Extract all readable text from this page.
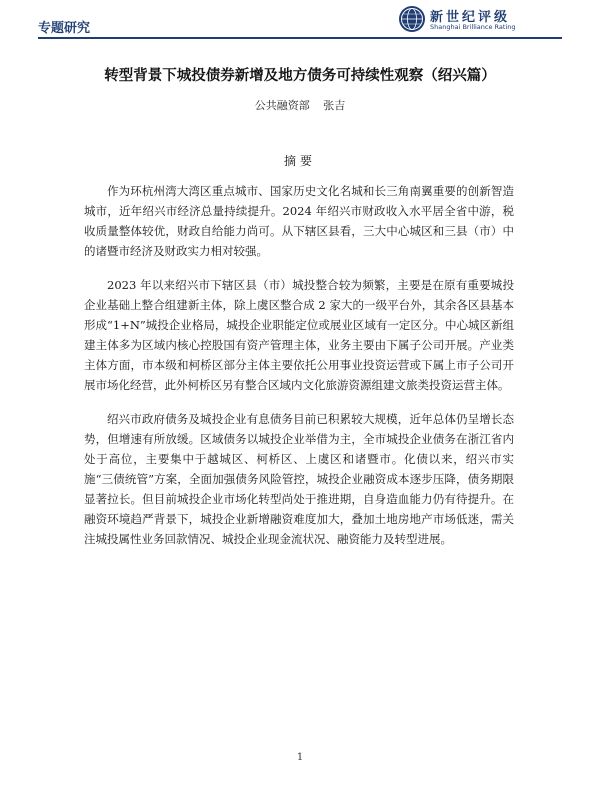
专题研究
新世纪评级
Shanghai Brilliance Rating
转型背景下城投债券新增及地方债务可持续性观察（绍兴篇）
公共融资部 张吉
摘要

作为环杭州湾大湾区重点城市、国家历史文化名城和长三角南翼重要的创新智造城市，近年绍兴市经济总量持续提升。2024 年绍兴市财政收入水平居全省中游，税收质量整体较优，财政自给能力尚可。从下辖区县看，三大中心城区和三县（市）中的诸暨市经济及财政实力相对较强。

2023 年以来绍兴市下辖区县（市）城投整合较为频繁，主要是在原有重要城投企业基础上整合组建新主体，除上虞区整合成 2 家大的一级平台外，其余各区县基本形成“1+N”城投企业格局，城投企业职能定位或展业区域有一定区分。中心城区新组建主体多为区域内核心控股国有资产管理主体，业务主要由下属子公司开展。产业类主体方面，市本级和柯桥区部分主体主要依托公用事业投资运营或下属上市子公司开展市场化经营，此外柯桥区另有整合区域内文化旅游资源组建文旅类投资运营主体。

绍兴市政府债务及城投企业有息债务目前已积累较大规模，近年总体仍呈增长态势，但增速有所放缓。区域债务以城投企业举借为主，全市城投企业债务在浙江省内处于高位，主要集中于越城区、柯桥区、上虞区和诸暨市。化债以来，绍兴市实施“三债统管”方案，全面加强债务风险管控，城投企业融资成本逐步压降，债务期限显著拉长。但目前城投企业市场化转型尚处于推进期，自身造血能力仍有待提升。在融资环境趋严背景下，城投企业新增融资难度加大，叠加土地房地产市场低迷，需关注城投属性业务回款情况、城投企业现金流状况、融资能力及转型进展。

1
